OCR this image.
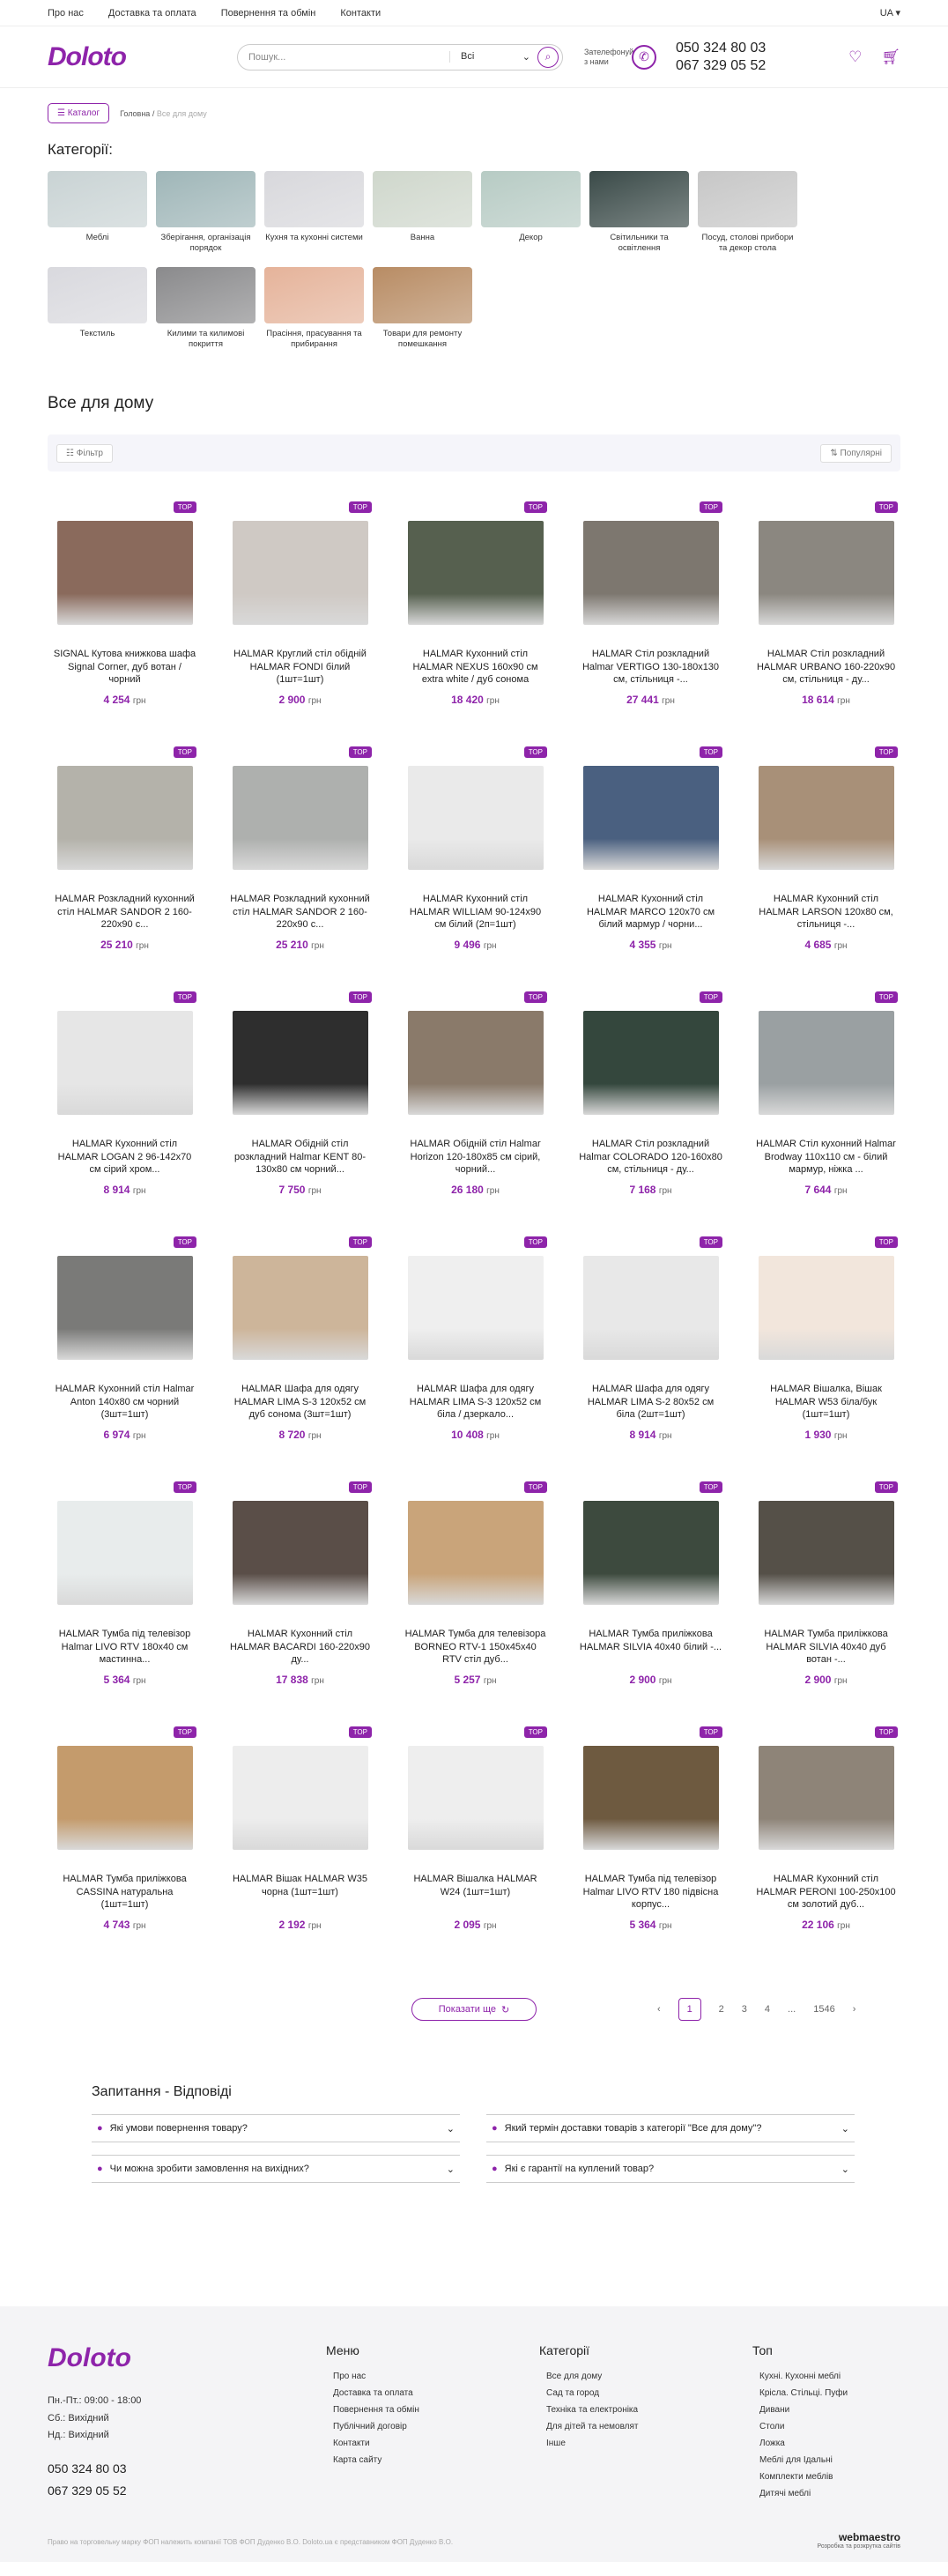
Про нас	Доставка та оплата	Повернення та обмін	Контакти	UA ▾
Doloto	Пошук...	Всі	⌄ ⌕	Зателефонуй з нами	✆
050 324 80 03
067 329 05 52
♡ 🛒︎
☰ Каталог	Головна / Все для дому
Категорії:
Меблі	Зберігання, організація порядок
Кухня та кухонні системи	Ванна	Декор	Світильники та освітлення
Посуд, столові прибори та декор стола
Текстиль	Килими та килимові покриття
Прасіння, прасування та прибирання
Товари для ремонту помешкання
Все для дому
☷ Фільтр	⇅ Популярні
TOP
SIGNAL Кутова книжкова шафа Signal Corner, дуб вотан / чорний
4 254 грн
TOP
HALMAR Круглий стіл обідній HALMAR FONDI білий (1шт=1шт)
2 900 грн
TOP
HALMAR Кухонний стіл HALMAR NEXUS 160х90 см extra white / дуб сонома
18 420 грн
TOP
HALMAR Стіл розкладний Halmar VERTIGO 130-180х130 см, стільниця -...
27 441 грн
TOP
HALMAR Стіл розкладний HALMAR URBANO 160-220х90 см, стільниця - ду...
18 614 грн
TOP
HALMAR Розкладний кухонний стіл HALMAR SANDOR 2 160-220х90 с...
25 210 грн
TOP
HALMAR Розкладний кухонний стіл HALMAR SANDOR 2 160-220х90 с...
25 210 грн
TOP
HALMAR Кухонний стіл HALMAR WILLIAM 90-124х90 см білий (2п=1шт)
9 496 грн
TOP
HALMAR Кухонний стіл HALMAR MARCO 120х70 см білий мармур / чорни...
4 355 грн
TOP
HALMAR Кухонний стіл HALMAR LARSON 120х80 см, стільниця -...
4 685 грн
TOP
HALMAR Кухонний стіл HALMAR LOGAN 2 96-142х70 см сірий хром...
8 914 грн
TOP
HALMAR Обідній стіл розкладний Halmar KENT 80-130х80 см чорний...
7 750 грн
TOP
HALMAR Обідній стіл Halmar Horizon 120-180х85 см сірий, чорний...
26 180 грн
TOP
HALMAR Стіл розкладний Halmar COLORADO 120-160х80 см, стільниця - ду...
7 168 грн
TOP
HALMAR Стіл кухонний Halmar Brodway 110х110 см - білий мармур, ніжка ...
7 644 грн
TOP
HALMAR Кухонний стіл Halmar Anton 140х80 см чорний (3шт=1шт)
6 974 грн
TOP
HALMAR Шафа для одягу HALMAR LIMA S-3 120х52 см дуб сонома (3шт=1шт)
8 720 грн
TOP
HALMAR Шафа для одягу HALMAR LIMA S-3 120х52 см біла / дзеркало...
10 408 грн
TOP
HALMAR Шафа для одягу HALMAR LIMA S-2 80х52 см біла (2шт=1шт)
8 914 грн
TOP
HALMAR Вішалка, Вішак HALMAR W53 біла/бук (1шт=1шт)
1 930 грн
TOP
HALMAR Тумба під телевізор Halmar LIVO RTV 180х40 см мастинна...
5 364 грн
TOP
HALMAR Кухонний стіл HALMAR BACARDI 160-220х90 ду...
17 838 грн
TOP
HALMAR Тумба для телевізора BORNEO RTV-1 150х45х40 RTV стіл дуб...
5 257 грн
TOP
HALMAR Тумба приліжкова HALMAR SILVIA 40х40 білий -...
2 900 грн
TOP
HALMAR Тумба приліжкова HALMAR SILVIA 40х40 дуб вотан -...
2 900 грн
TOP
HALMAR Тумба приліжкова CASSINA натуральна (1шт=1шт)
4 743 грн
TOP
HALMAR Вішак HALMAR W35 чорна (1шт=1шт)
2 192 грн
TOP
HALMAR Вішалка HALMAR W24 (1шт=1шт)
2 095 грн
TOP
HALMAR Тумба під телевізор Halmar LIVO RTV 180 підвісна корпус...
5 364 грн
TOP
HALMAR Кухонний стіл HALMAR PERONI 100-250х100 см золотий дуб...
22 106 грн
Показати ще ↻	‹	1	2 3 4 ... 1546 ›
Запитання - Відповіді
● Які умови повернення товару?	⌄	● Який термін доставки товарів з категорії "Все для дому"?	⌄
● Чи можна зробити замовлення на вихідних?	⌄	● Які є гарантії на куплений товар?	⌄
Doloto
Пн.-Пт.: 09:00 - 18:00
Сб.: Вихідний
Нд.: Вихідний
050 324 80 03
067 329 05 52
Меню
Про нас
Доставка та оплата
Повернення та обмін
Публічний договір
Контакти
Карта сайту
Категорії
Все для дому
Сад та город
Техніка та електроніка
Для дітей та немовлят
Інше
Топ
Кухні. Кухонні меблі
Крісла. Стільці. Пуфи
Дивани
Столи
Ложка
Меблі для Ідальні
Комплекти меблів
Дитячі меблі
Право на торговельну марку ФОП належить компанії ТОВ ФОП Дуденко В.О. Doloto.ua є представником ФОП Дуденко В.О.	webmaestro
Розробка та розкрутка сайтів
